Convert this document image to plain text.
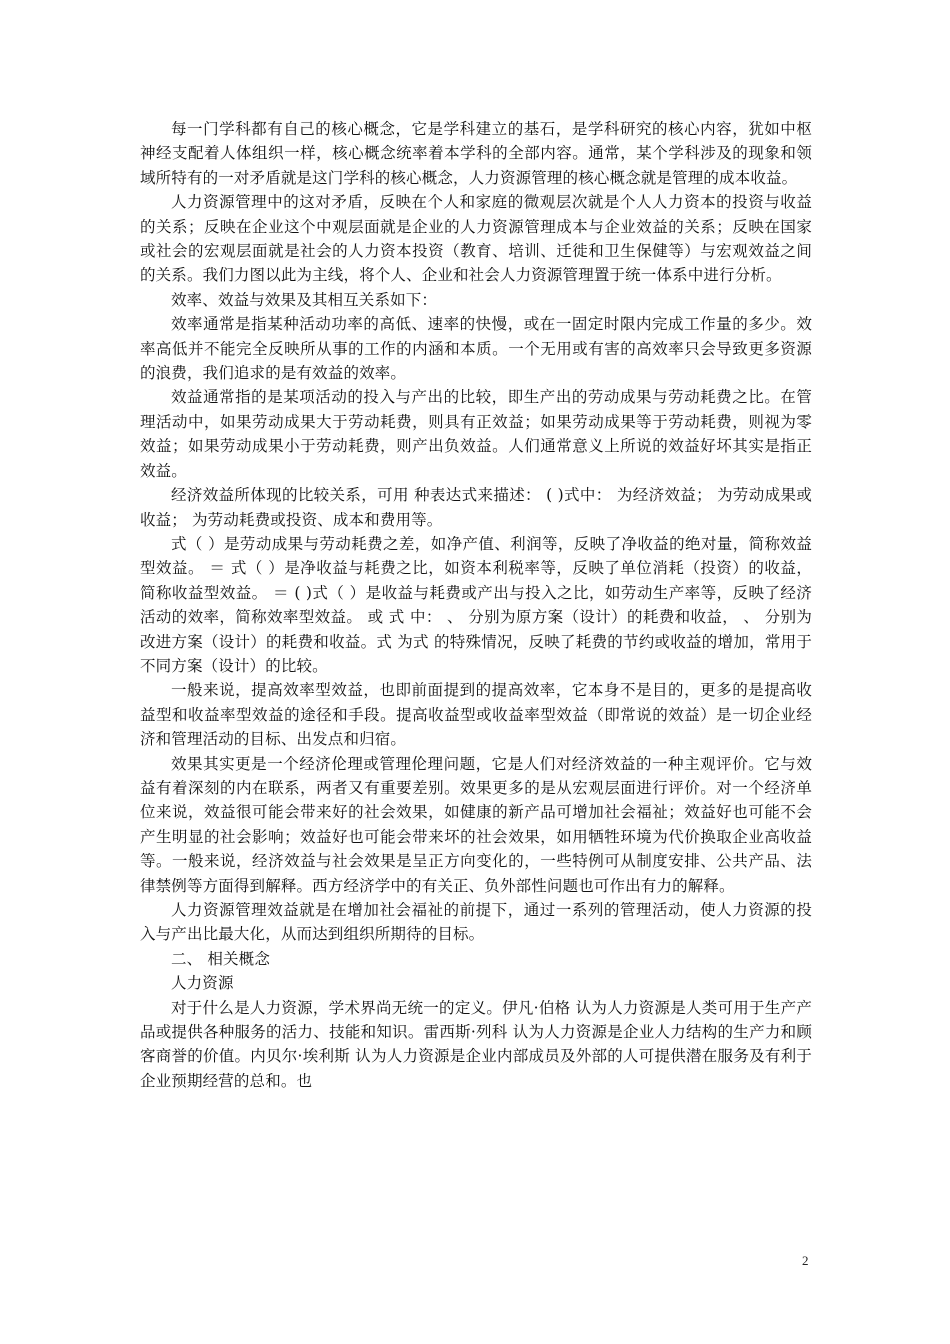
每一门学科都有自己的核心概念，它是学科建立的基石，是学科研究的核心内容，犹如中枢神经支配着人体组织一样，核心概念统率着本学科的全部内容。通常，某个学科涉及的现象和领域所特有的一对矛盾就是这门学科的核心概念，人力资源管理的核心概念就是管理的成本收益。

人力资源管理中的这对矛盾，反映在个人和家庭的微观层次就是个人人力资本的投资与收益的关系；反映在企业这个中观层面就是企业的人力资源管理成本与企业效益的关系；反映在国家或社会的宏观层面就是社会的人力资本投资（教育、培训、迁徙和卫生保健等）与宏观效益之间的关系。我们力图以此为主线，将个人、企业和社会人力资源管理置于统一体系中进行分析。

效率、效益与效果及其相互关系如下：

效率通常是指某种活动功率的高低、速率的快慢，或在一固定时限内完成工作量的多少。效率高低并不能完全反映所从事的工作的内涵和本质。一个无用或有害的高效率只会导致更多资源的浪费，我们追求的是有效益的效率。

效益通常指的是某项活动的投入与产出的比较，即生产出的劳动成果与劳动耗费之比。在管理活动中，如果劳动成果大于劳动耗费，则具有正效益；如果劳动成果等于劳动耗费，则视为零效益；如果劳动成果小于劳动耗费，则产出负效益。人们通常意义上所说的效益好坏其实是指正效益。

经济效益所体现的比较关系，可用 种表达式来描述： ( )式中： 为经济效益； 为劳动成果或收益； 为劳动耗费或投资、成本和费用等。

式（ ）是劳动成果与劳动耗费之差，如净产值、利润等，反映了净收益的绝对量，简称效益型效益。 ＝ 式（ ）是净收益与耗费之比，如资本利税率等，反映了单位消耗（投资）的收益，简称收益型效益。 ＝ ( )式（ ）是收益与耗费或产出与投入之比，如劳动生产率等，反映了经济活动的效率，简称效率型效益。 或 式 中： 、 分别为原方案（设计）的耗费和收益， 、 分别为改进方案（设计）的耗费和收益。式 为式 的特殊情况，反映了耗费的节约或收益的增加，常用于不同方案（设计）的比较。

一般来说，提高效率型效益，也即前面提到的提高效率，它本身不是目的，更多的是提高收益型和收益率型效益的途径和手段。提高收益型或收益率型效益（即常说的效益）是一切企业经济和管理活动的目标、出发点和归宿。

效果其实更是一个经济伦理或管理伦理问题，它是人们对经济效益的一种主观评价。它与效益有着深刻的内在联系，两者又有重要差别。效果更多的是从宏观层面进行评价。对一个经济单位来说，效益很可能会带来好的社会效果，如健康的新产品可增加社会福祉；效益好也可能不会产生明显的社会影响；效益好也可能会带来坏的社会效果，如用牺牲环境为代价换取企业高收益等。一般来说，经济效益与社会效果是呈正方向变化的，一些特例可从制度安排、公共产品、法律禁例等方面得到解释。西方经济学中的有关正、负外部性问题也可作出有力的解释。

人力资源管理效益就是在增加社会福祉的前提下，通过一系列的管理活动，使人力资源的投入与产出比最大化，从而达到组织所期待的目标。

二、 相关概念

人力资源

对于什么是人力资源，学术界尚无统一的定义。伊凡·伯格 认为人力资源是人类可用于生产产品或提供各种服务的活力、技能和知识。雷西斯·列科 认为人力资源是企业人力结构的生产力和顾客商誉的价值。内贝尔·埃利斯 认为人力资源是企业内部成员及外部的人可提供潜在服务及有利于企业预期经营的总和。也

2
